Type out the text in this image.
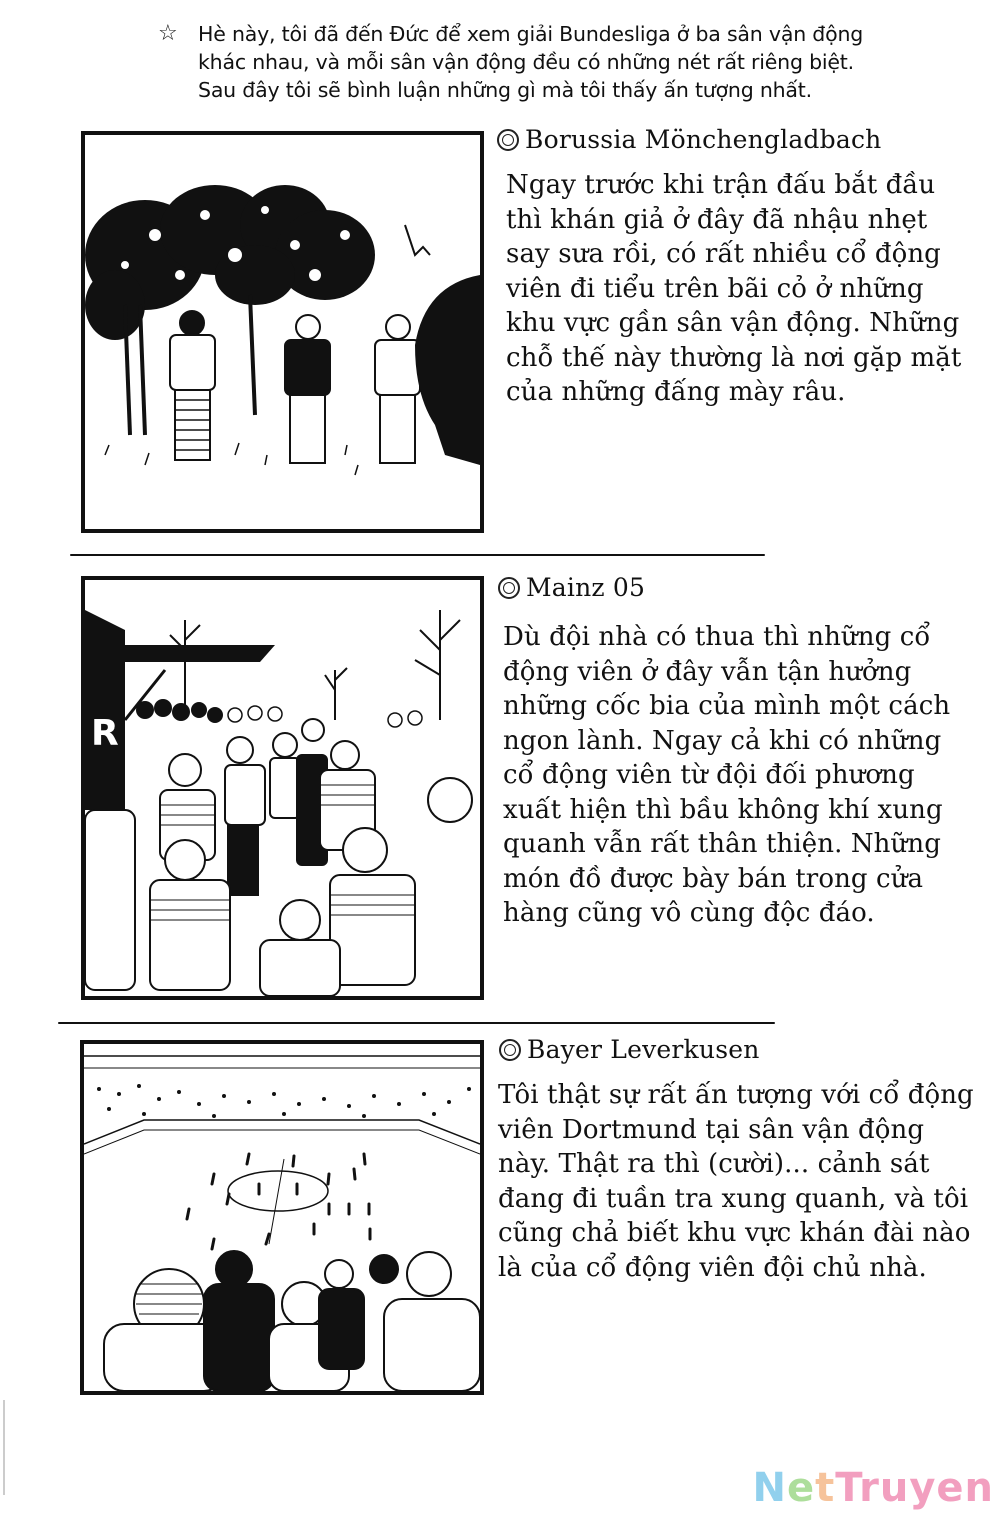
☆ Hè này, tôi đã đến Đức để xem giải Bundesliga ở ba sân vận động
khác nhau, và mỗi sân vận động đều có những nét rất riêng biệt.
Sau đây tôi sẽ bình luận những gì mà tôi thấy ấn tượng nhất.
Borussia Mönchengladbach
Ngay trước khi trận đấu bắt đầu
thì khán giả ở đây đã nhậu nhẹt
say sưa rồi, có rất nhiều cổ động
viên đi tiểu trên bãi cỏ ở những
khu vực gần sân vận động. Những
chỗ thế này thường là nơi gặp mặt
của những đấng mày râu.
R
Mainz 05
Dù đội nhà có thua thì những cổ
động viên ở đây vẫn tận hưởng
những cốc bia của mình một cách
ngon lành. Ngay cả khi có những
cổ động viên từ đội đối phương
xuất hiện thì bầu không khí xung
quanh vẫn rất thân thiện. Những
món đồ được bày bán trong cửa
hàng cũng vô cùng độc đáo.
Bayer Leverkusen
Tôi thật sự rất ấn tượng với cổ động
viên Dortmund tại sân vận động
này. Thật ra thì (cười)... cảnh sát
đang đi tuần tra xung quanh, và tôi
cũng chả biết khu vực khán đài nào
là của cổ động viên đội chủ nhà.
NetTruyen
